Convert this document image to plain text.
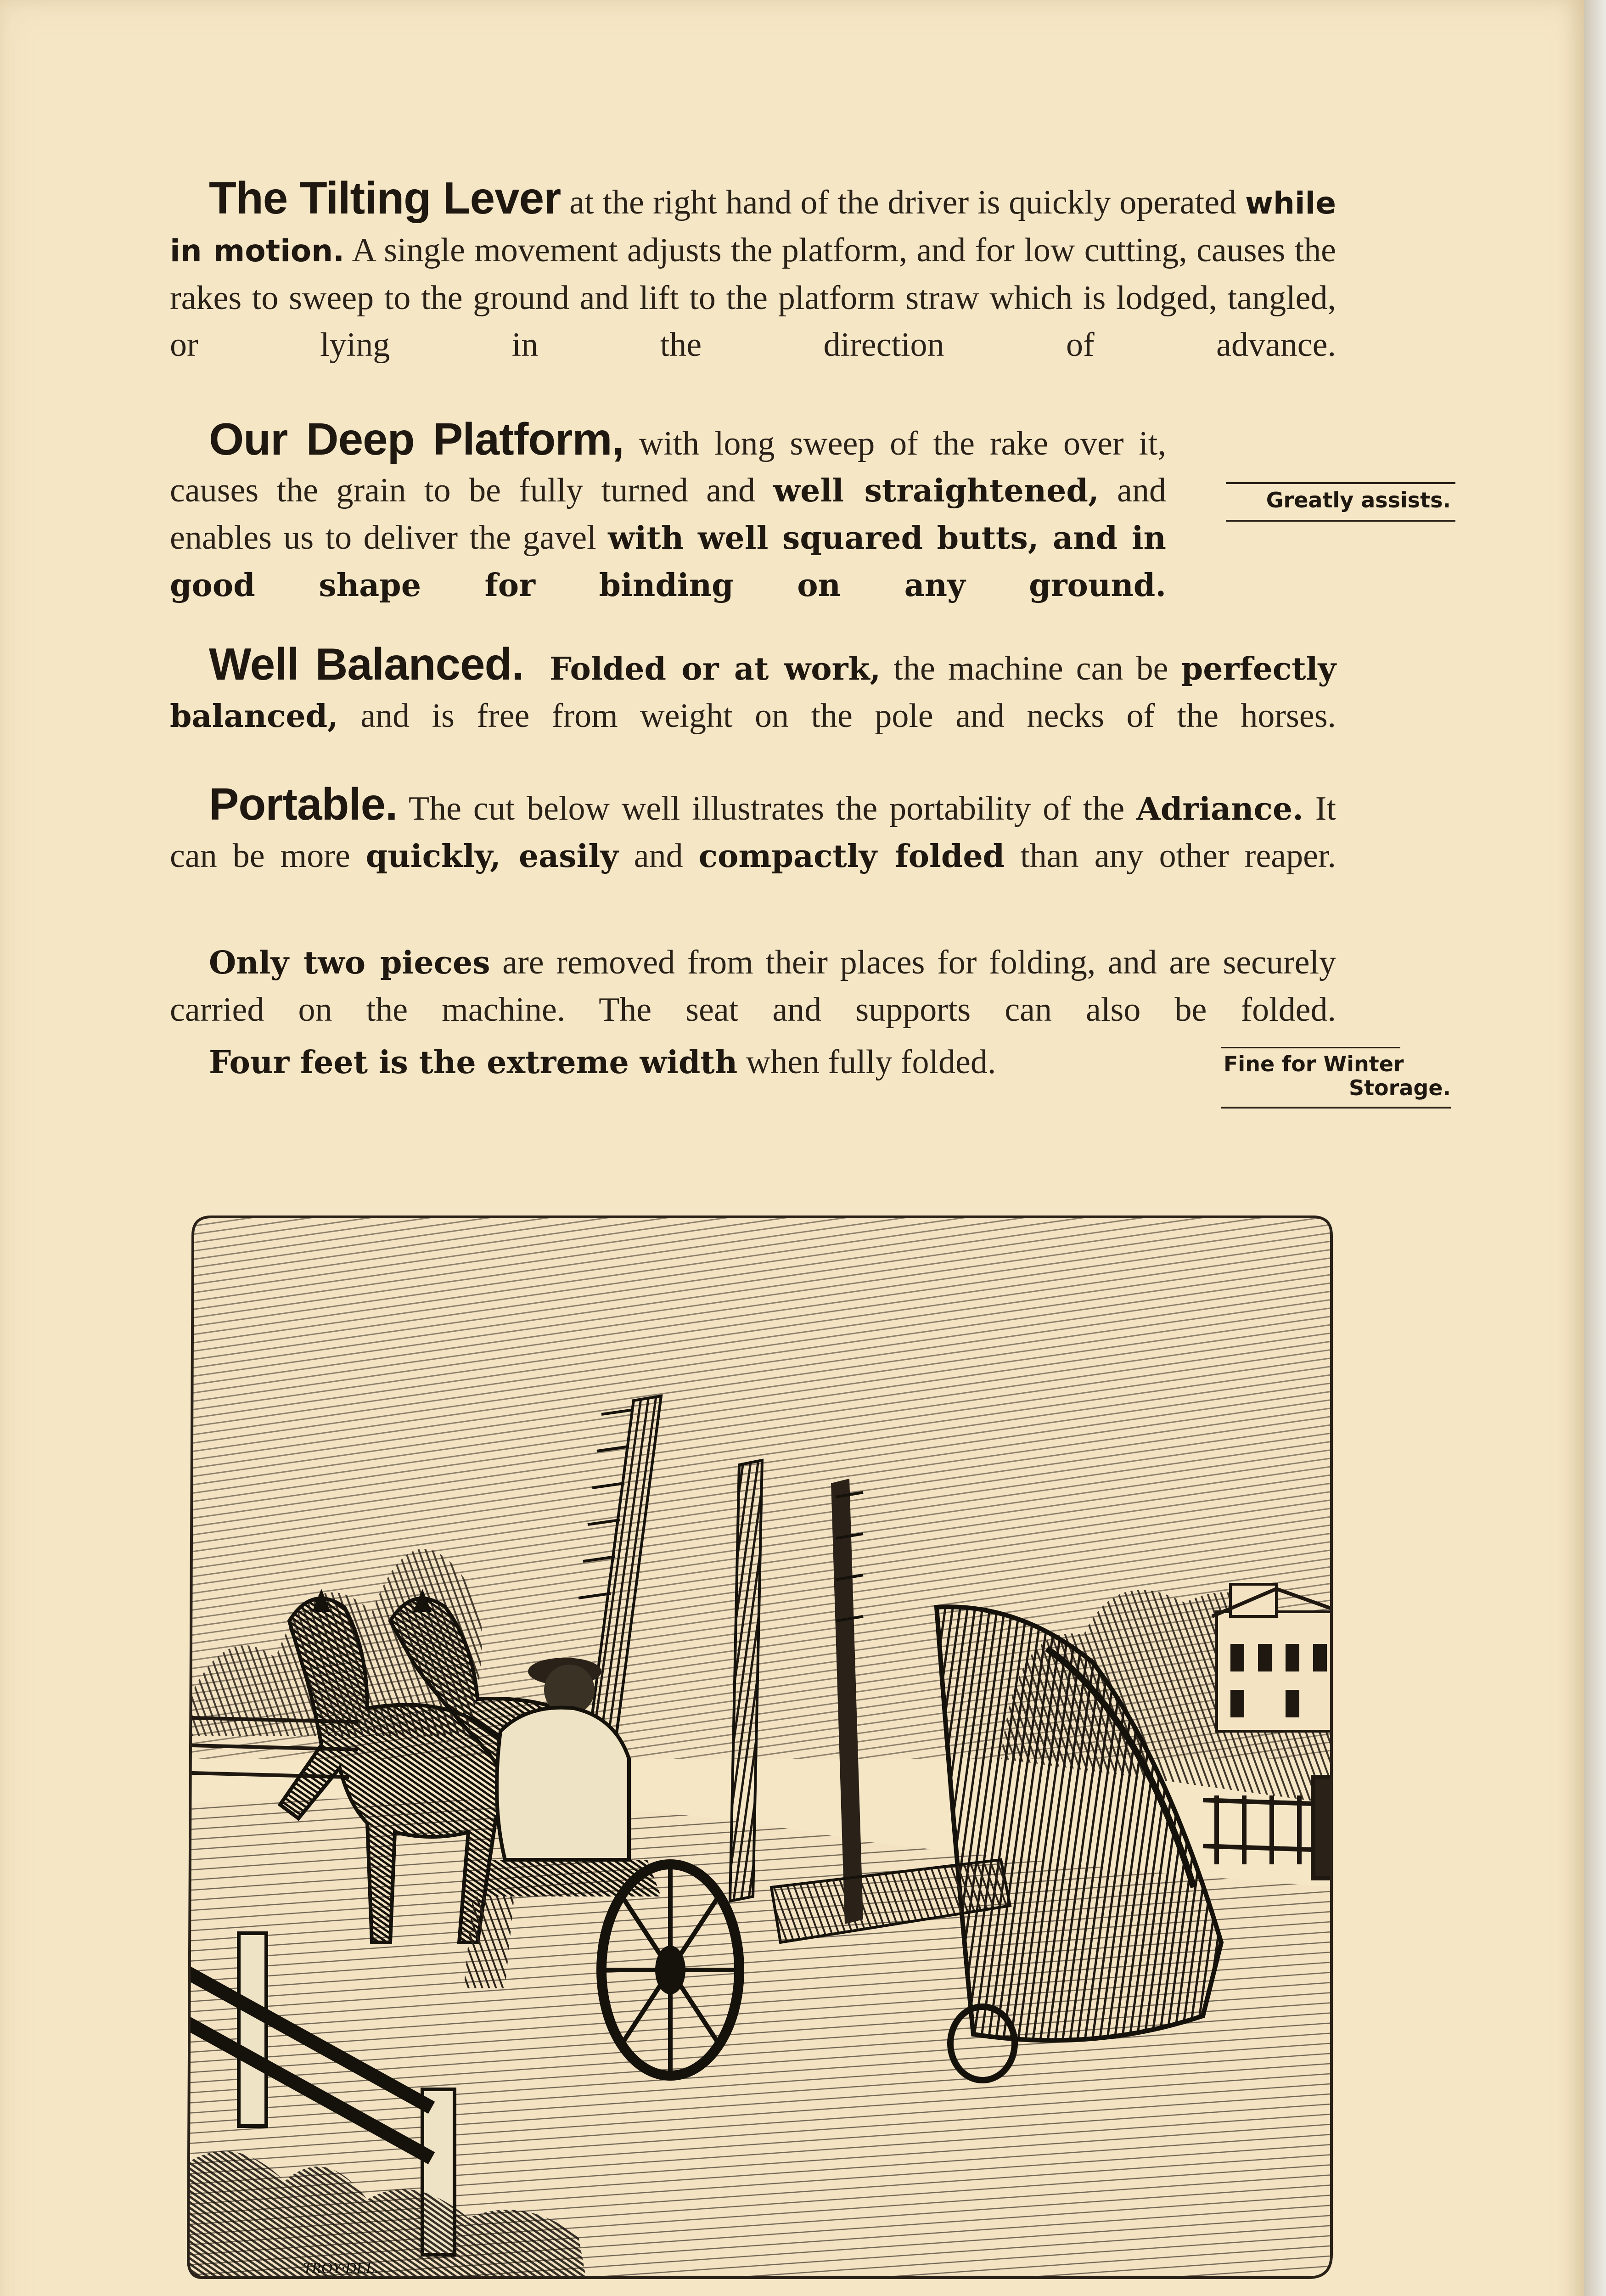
The Tilting Lever at the right hand of the driver is quickly operated while in motion. A single movement adjusts the platform, and for low cutting, causes the rakes to sweep to the ground and lift to the platform straw which is lodged, tangled, or lying in the direction of advance.
Our Deep Platform, with long sweep of the rake over it, causes the grain to be fully turned and well straightened, and enables us to deliver the gavel with well squared butts, and in good shape for binding on any ground.
Well Balanced. Folded or at work, the machine can be perfectly balanced, and is free from weight on the pole and necks of the horses.
Portable. The cut below well illustrates the portability of the Adriance. It can be more quickly, easily and compactly folded than any other reaper.
Only two pieces are removed from their places for folding, and are securely carried on the machine. The seat and supports can also be folded.
Four feet is the extreme width when fully folded.
Greatly assists.
Fine for Winter
Storage.
TROY·DEL.
